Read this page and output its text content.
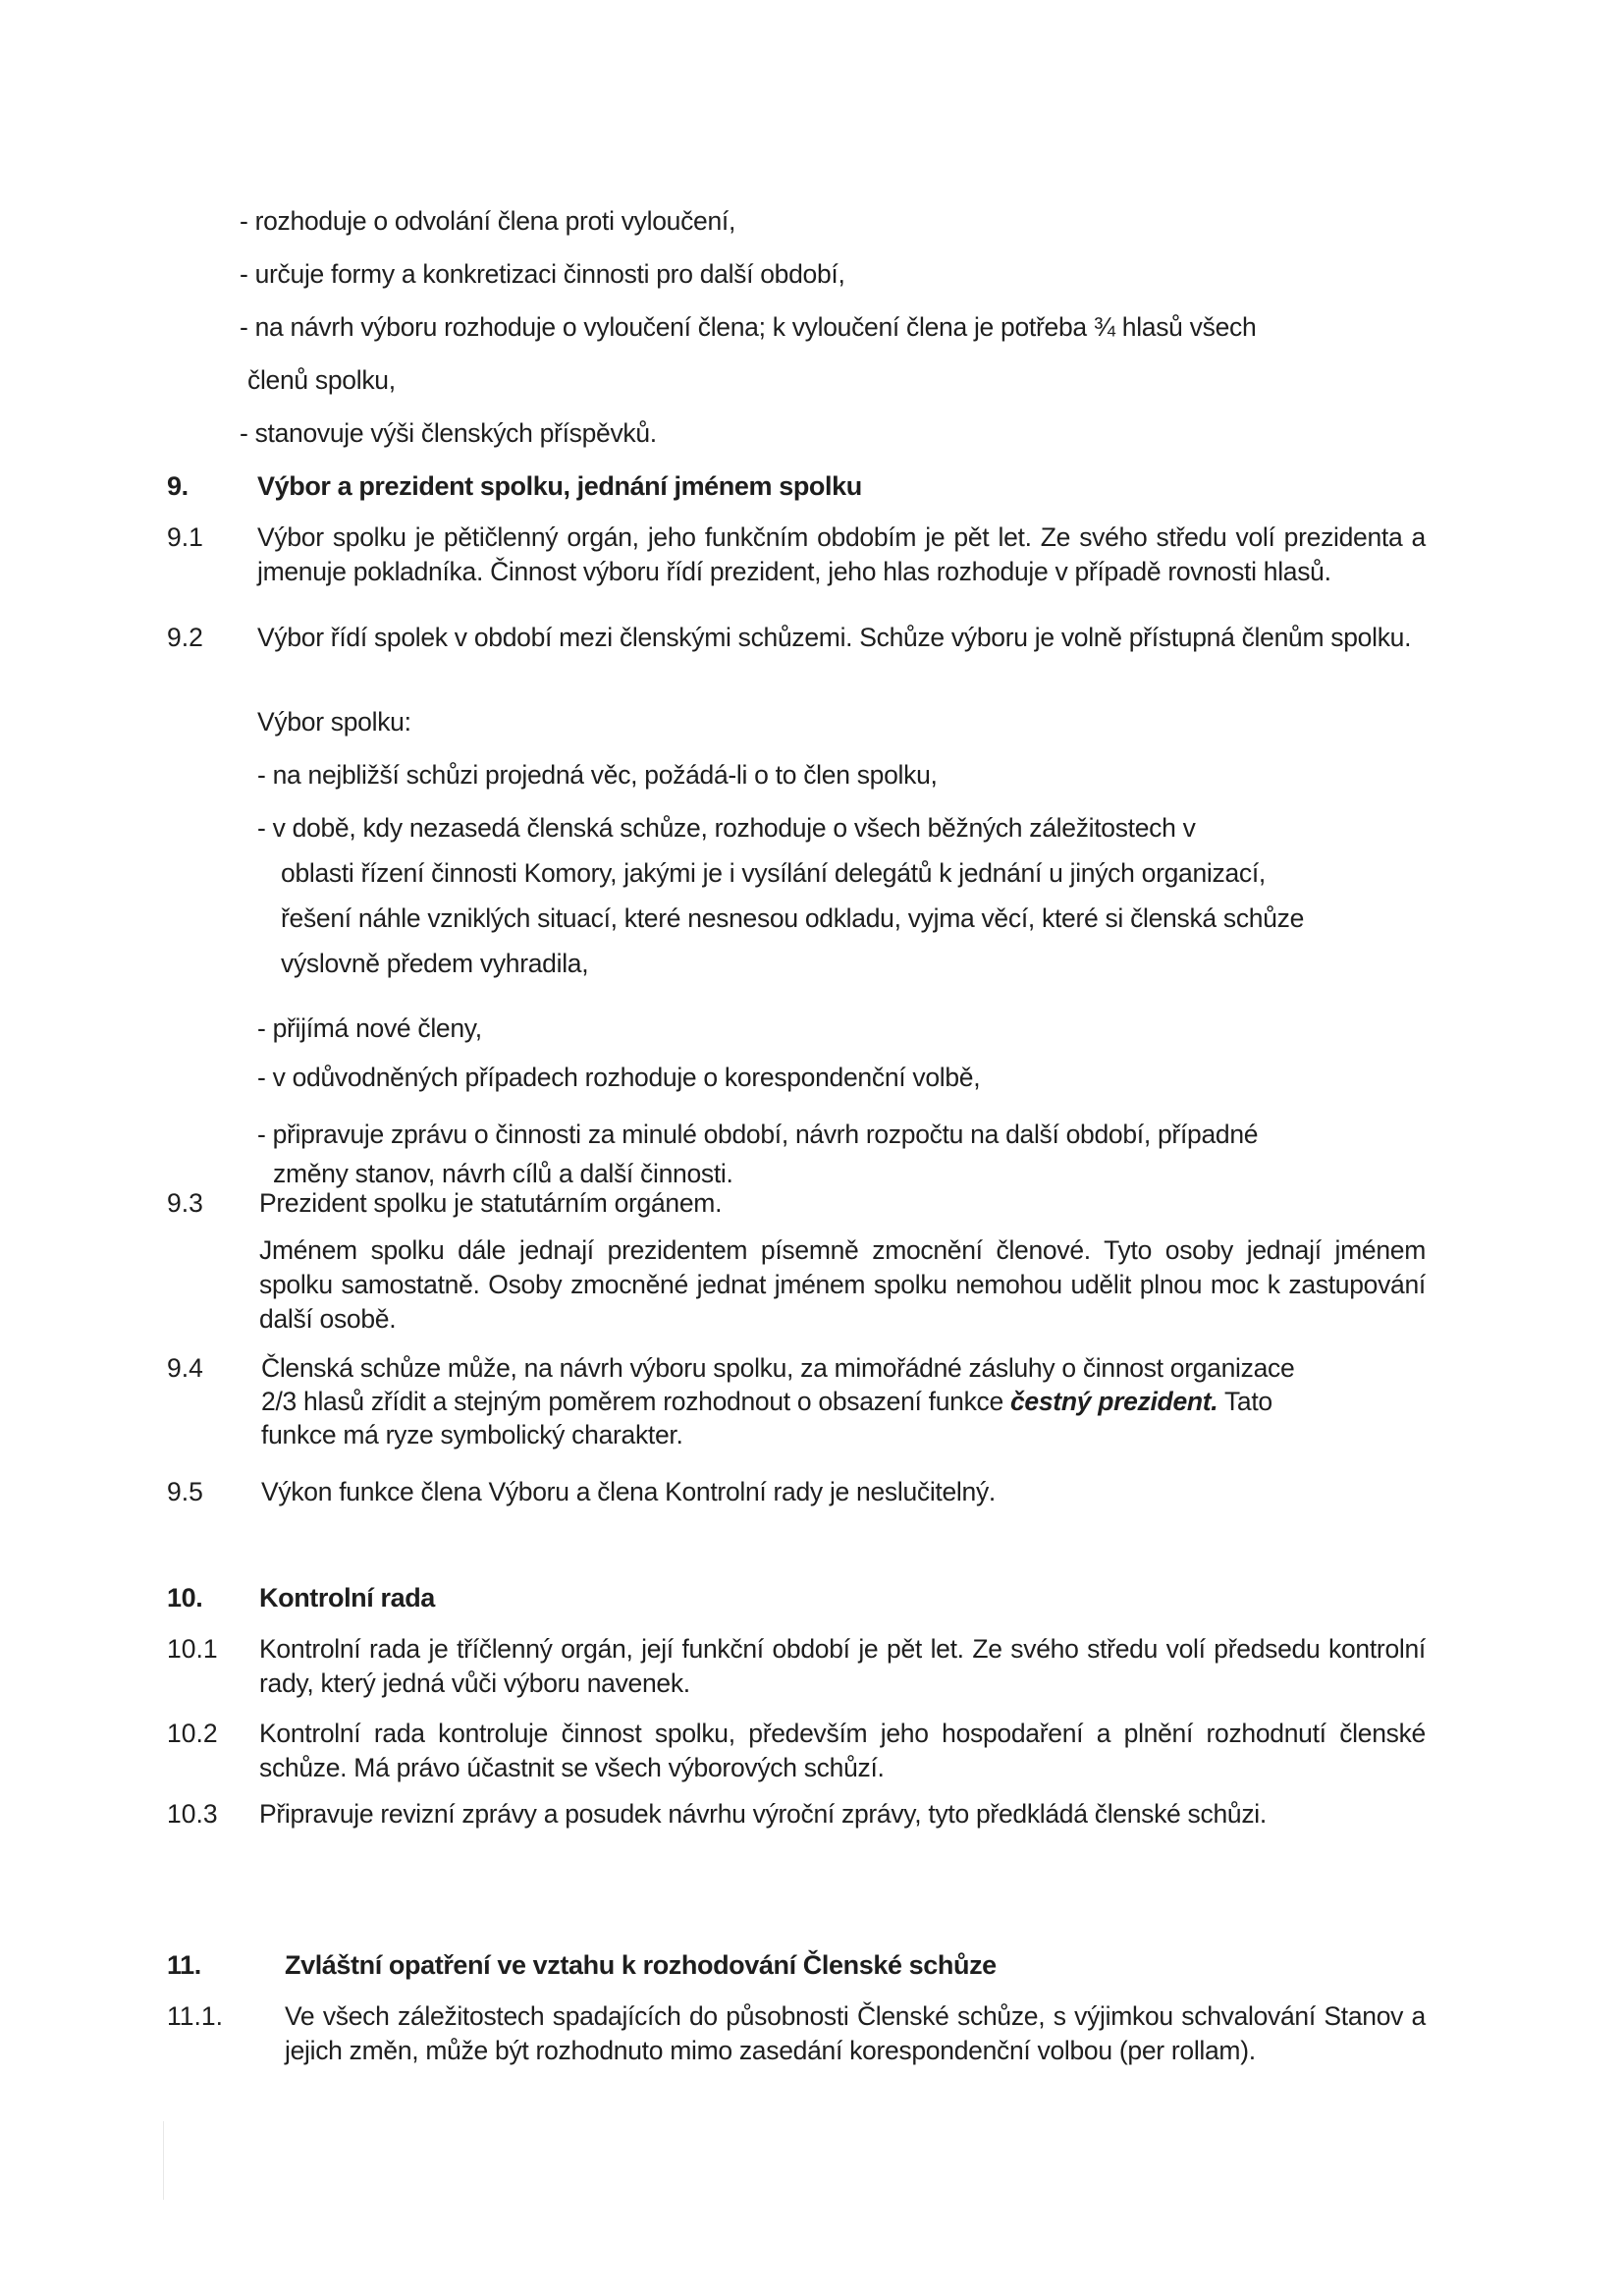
- rozhoduje o odvolání člena proti vyloučení,
- určuje formy a konkretizaci činnosti pro další období,
- na návrh výboru rozhoduje o vyloučení člena; k vyloučení člena je potřeba ¾ hlasů všech
členů spolku,
- stanovuje výši členských příspěvků.
9.	Výbor a prezident spolku, jednání jménem spolku
9.1 Výbor spolku je pětičlenný orgán, jeho funkčním obdobím je pět let. Ze svého středu volí prezidenta a jmenuje pokladníka. Činnost výboru řídí prezident, jeho hlas rozhoduje v případě rovnosti hlasů.
9.2 Výbor řídí spolek v období mezi členskými schůzemi. Schůze výboru je volně přístupná členům spolku.
Výbor spolku:
- na nejbližší schůzi projedná věc, požádá-li o to člen spolku,
- v době, kdy nezasedá členská schůze, rozhoduje o všech běžných záležitostech v
oblasti řízení činnosti Komory, jakými je i vysílání delegátů k jednání u jiných organizací,
řešení náhle vzniklých situací, které nesnesou odkladu, vyjma věcí, které si členská schůze
výslovně předem vyhradila,
- přijímá nové členy,
- v odůvodněných případech rozhoduje o korespondenční volbě,
- připravuje zprávu o činnosti za minulé období, návrh rozpočtu na další období, případné
změny stanov, návrh cílů a další činnosti.
9.3 Prezident spolku je statutárním orgánem.
Jménem spolku dále jednají prezidentem písemně zmocnění členové. Tyto osoby jednají jménem spolku samostatně. Osoby zmocněné jednat jménem spolku nemohou udělit plnou moc k zastupování další osobě.
9.4 Členská schůze může, na návrh výboru spolku, za mimořádné zásluhy o činnost organizace
2/3 hlasů zřídit a stejným poměrem rozhodnout o obsazení funkce čestný prezident. Tato
funkce má ryze symbolický charakter.
9.5 Výkon funkce člena Výboru a člena Kontrolní rady je neslučitelný.
10. Kontrolní rada
10.1 Kontrolní rada je tříčlenný orgán, její funkční období je pět let. Ze svého středu volí předsedu kontrolní rady, který jedná vůči výboru navenek.
10.2 Kontrolní rada kontroluje činnost spolku, především jeho hospodaření a plnění rozhodnutí členské schůze. Má právo účastnit se všech výborových schůzí.
10.3 Připravuje revizní zprávy a posudek návrhu výroční zprávy, tyto předkládá členské schůzi.
11.	Zvláštní opatření ve vztahu k rozhodování Členské schůze
11.1. Ve všech záležitostech spadajících do působnosti Členské schůze, s výjimkou schvalování Stanov a jejich změn, může být rozhodnuto mimo zasedání korespondenční volbou (per rollam).
